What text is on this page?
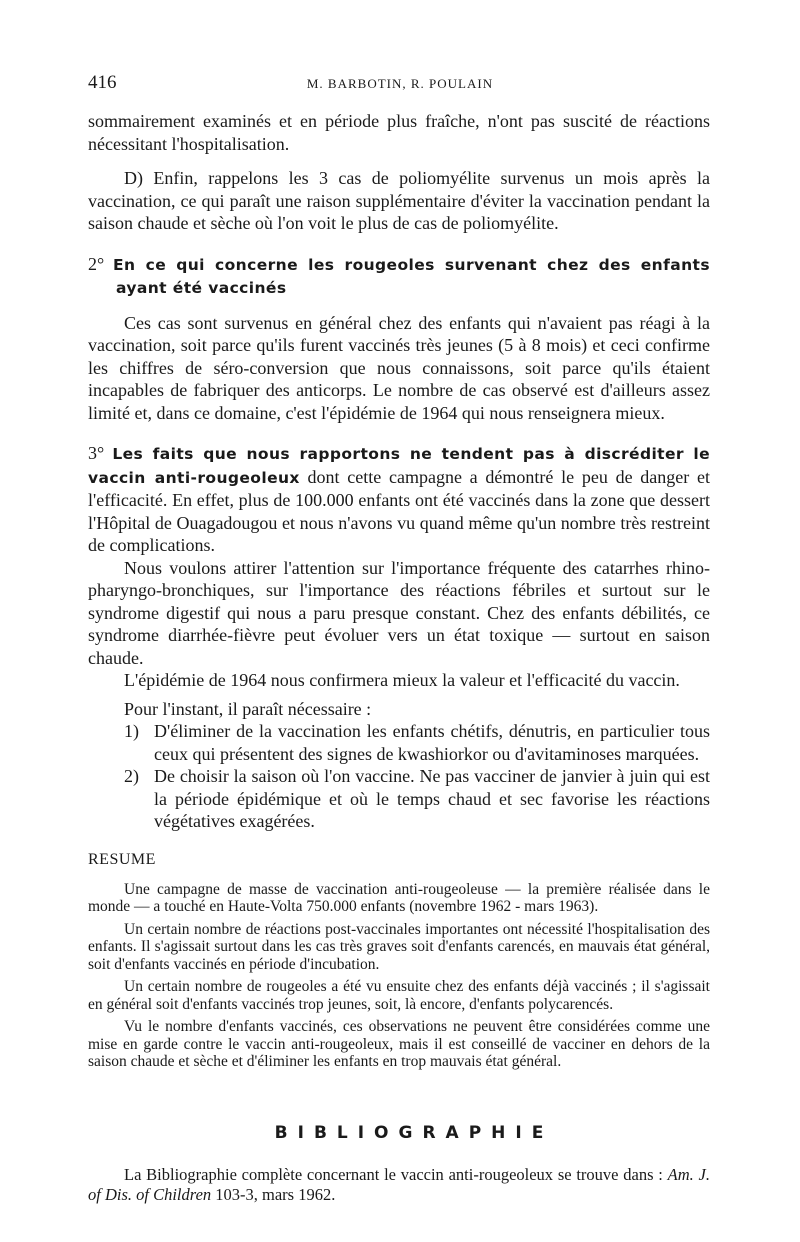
416	M. BARBOTIN, R. POULAIN

sommairement examinés et en période plus fraîche, n'ont pas suscité de réactions nécessitant l'hospitalisation.

D) Enfin, rappelons les 3 cas de poliomyélite survenus un mois après la vaccination, ce qui paraît une raison supplémentaire d'éviter la vaccination pendant la saison chaude et sèche où l'on voit le plus de cas de poliomyélite.

2° En ce qui concerne les rougeoles survenant chez des enfants ayant été vaccinés

Ces cas sont survenus en général chez des enfants qui n'avaient pas réagi à la vaccination, soit parce qu'ils furent vaccinés très jeunes (5 à 8 mois) et ceci confirme les chiffres de séro-conversion que nous connaissons, soit parce qu'ils étaient incapables de fabriquer des anticorps. Le nombre de cas observé est d'ailleurs assez limité et, dans ce domaine, c'est l'épidémie de 1964 qui nous renseignera mieux.

3° Les faits que nous rapportons ne tendent pas à discréditer le vaccin anti-rougeoleux dont cette campagne a démontré le peu de danger et l'efficacité. En effet, plus de 100.000 enfants ont été vaccinés dans la zone que dessert l'Hôpital de Ouagadougou et nous n'avons vu quand même qu'un nombre très restreint de complications.

Nous voulons attirer l'attention sur l'importance fréquente des catarrhes rhino-pharyngo-bronchiques, sur l'importance des réactions fébriles et surtout sur le syndrome digestif qui nous a paru presque constant. Chez des enfants débilités, ce syndrome diarrhée-fièvre peut évoluer vers un état toxique — surtout en saison chaude.

L'épidémie de 1964 nous confirmera mieux la valeur et l'efficacité du vaccin.

Pour l'instant, il paraît nécessaire :

1) D'éliminer de la vaccination les enfants chétifs, dénutris, en particulier tous ceux qui présentent des signes de kwashiorkor ou d'avitaminoses marquées.
2) De choisir la saison où l'on vaccine. Ne pas vacciner de janvier à juin qui est la période épidémique et où le temps chaud et sec favorise les réactions végétatives exagérées.
RESUME

Une campagne de masse de vaccination anti-rougeoleuse — la première réalisée dans le monde — a touché en Haute-Volta 750.000 enfants (novembre 1962 - mars 1963).

Un certain nombre de réactions post-vaccinales importantes ont nécessité l'hospitalisation des enfants. Il s'agissait surtout dans les cas très graves soit d'enfants carencés, en mauvais état général, soit d'enfants vaccinés en période d'incubation.

Un certain nombre de rougeoles a été vu ensuite chez des enfants déjà vaccinés ; il s'agissait en général soit d'enfants vaccinés trop jeunes, soit, là encore, d'enfants polycarencés.

Vu le nombre d'enfants vaccinés, ces observations ne peuvent être considérées comme une mise en garde contre le vaccin anti-rougeoleux, mais il est conseillé de vacciner en dehors de la saison chaude et sèche et d'éliminer les enfants en trop mauvais état général.

BIBLIOGRAPHIE

La Bibliographie complète concernant le vaccin anti-rougeoleux se trouve dans : Am. J. of Dis. of Children 103-3, mars 1962.
